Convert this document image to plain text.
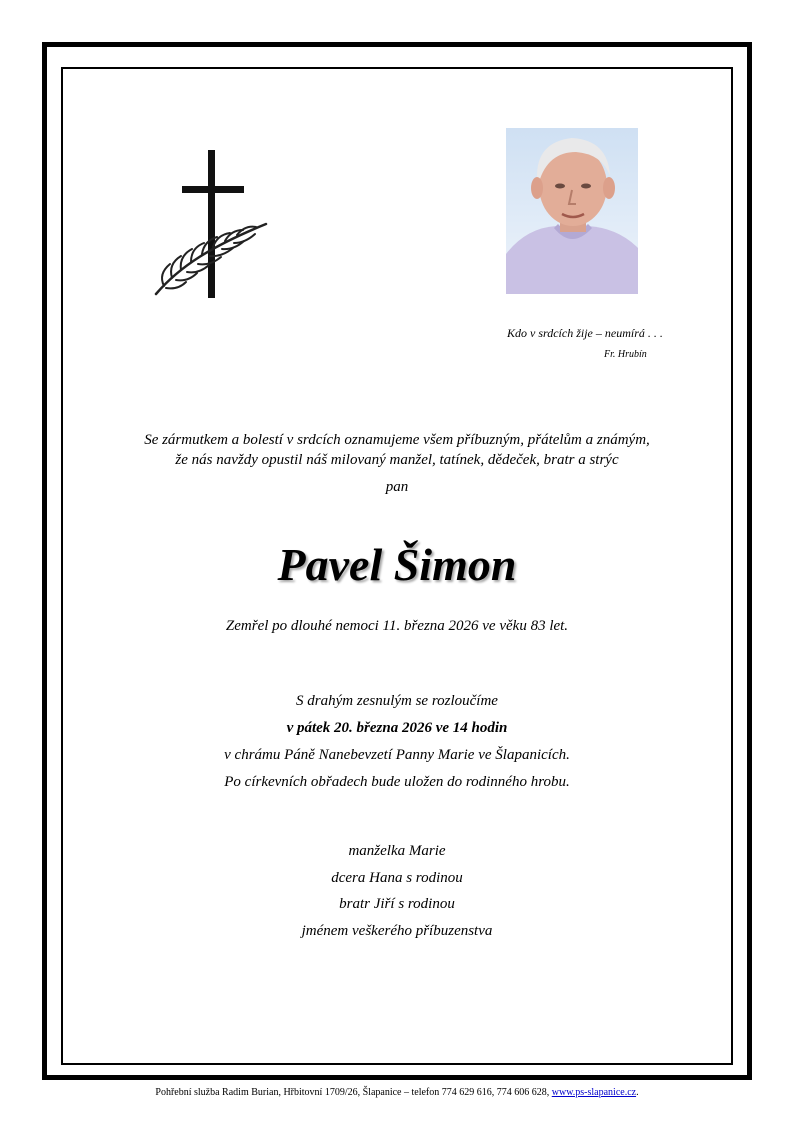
Kdo v srdcích žije – neumírá . . .
Fr. Hrubín
Se zármutkem a bolestí v srdcích oznamujeme všem příbuzným, přátelům a známým,
že nás navždy opustil náš milovaný manžel, tatínek, dědeček, bratr a strýc
pan
Pavel Šimon
Zemřel po dlouhé nemoci 11. března 2026 ve věku 83 let.
S drahým zesnulým se rozloučíme
v pátek 20. března 2026 ve 14 hodin
v chrámu Páně Nanebevzetí Panny Marie ve Šlapanicích.
Po církevních obřadech bude uložen do rodinného hrobu.
manželka Marie
dcera Hana s rodinou
bratr Jiří s rodinou
jménem veškerého příbuzenstva
Pohřební služba Radim Burian, Hřbitovní 1709/26, Šlapanice – telefon 774 629 616, 774 606 628, www.ps-slapanice.cz.
